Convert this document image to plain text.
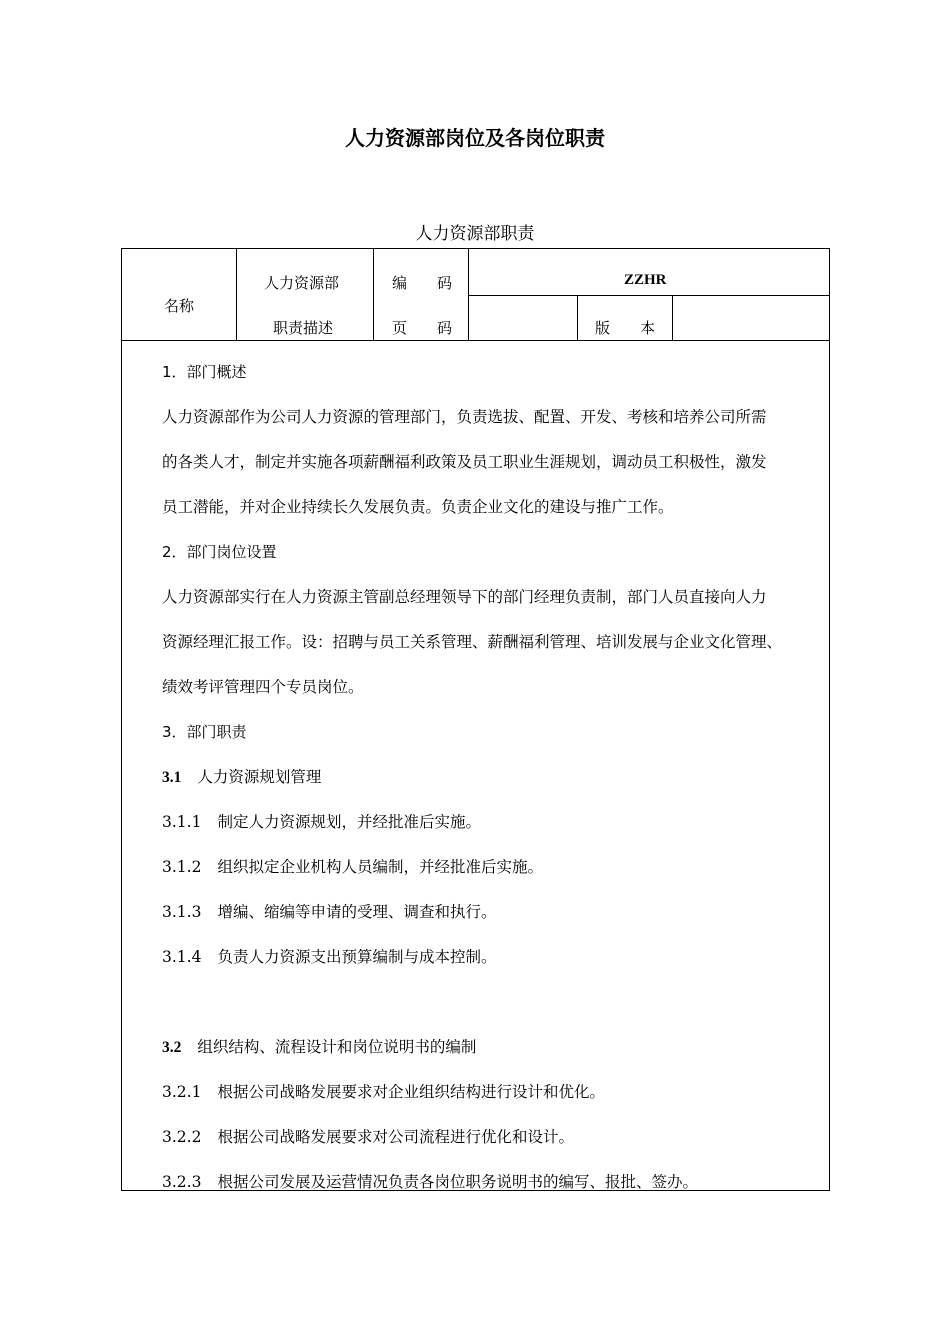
人力资源部岗位及各岗位职责
人力资源部职责
名称
人力资源部
职责描述
编　　码	ZZHR
页　　码	版　　本
1．部门概述
人力资源部作为公司人力资源的管理部门，负责选拔、配置、开发、考核和培养公司所需
的各类人才，制定并实施各项薪酬福利政策及员工职业生涯规划，调动员工积极性，激发
员工潜能，并对企业持续长久发展负责。负责企业文化的建设与推广工作。
2．部门岗位设置
人力资源部实行在人力资源主管副总经理领导下的部门经理负责制，部门人员直接向人力
资源经理汇报工作。设：招聘与员工关系管理、薪酬福利管理、培训发展与企业文化管理、
绩效考评管理四个专员岗位。
3．部门职责
3.1 人力资源规划管理
3.1.1 制定人力资源规划，并经批准后实施。
3.1.2 组织拟定企业机构人员编制，并经批准后实施。
3.1.3 增编、缩编等申请的受理、调查和执行。
3.1.4 负责人力资源支出预算编制与成本控制。
3.2 组织结构、流程设计和岗位说明书的编制
3.2.1 根据公司战略发展要求对企业组织结构进行设计和优化。
3.2.2 根据公司战略发展要求对公司流程进行优化和设计。
3.2.3 根据公司发展及运营情况负责各岗位职务说明书的编写、报批、签办。
